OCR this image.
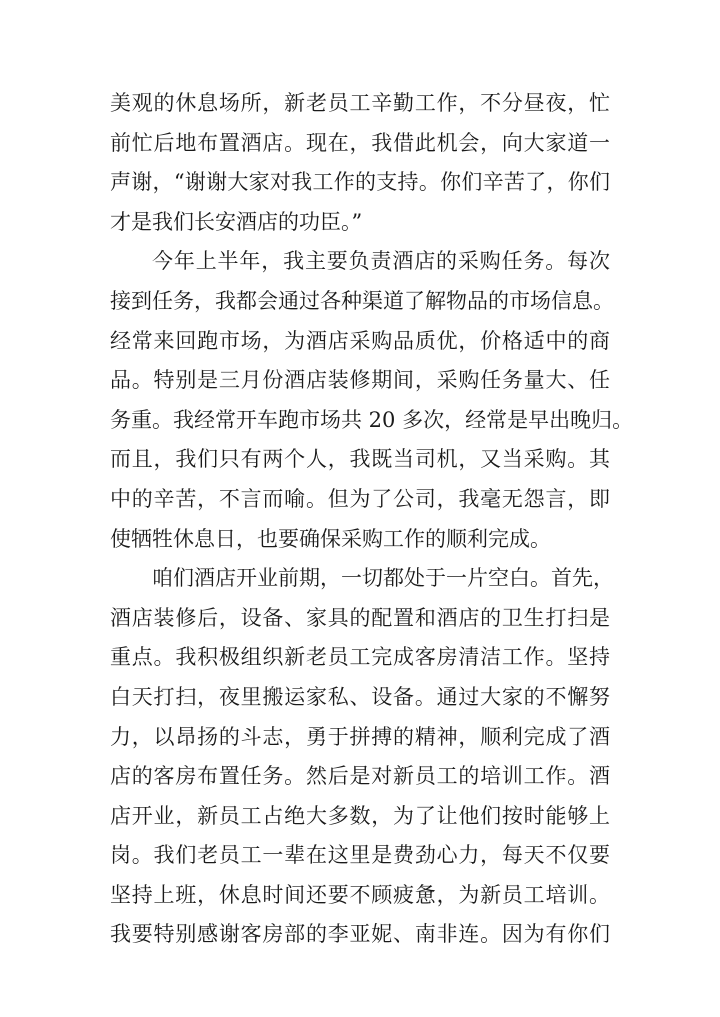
美观的休息场所，新老员工辛勤工作，不分昼夜，忙
前忙后地布置酒店。现在，我借此机会，向大家道一
声谢，“谢谢大家对我工作的支持。你们辛苦了，你们
才是我们长安酒店的功臣。”
今年上半年，我主要负责酒店的采购任务。每次
接到任务，我都会通过各种渠道了解物品的市场信息。
经常来回跑市场，为酒店采购品质优，价格适中的商
品。特别是三月份酒店装修期间，采购任务量大、任
务重。我经常开车跑市场共 20 多次，经常是早出晚归。
而且，我们只有两个人，我既当司机，又当采购。其
中的辛苦，不言而喻。但为了公司，我毫无怨言，即
使牺牲休息日，也要确保采购工作的顺利完成。
咱们酒店开业前期，一切都处于一片空白。首先，
酒店装修后，设备、家具的配置和酒店的卫生打扫是
重点。我积极组织新老员工完成客房清洁工作。坚持
白天打扫，夜里搬运家私、设备。通过大家的不懈努
力，以昂扬的斗志，勇于拼搏的精神，顺利完成了酒
店的客房布置任务。然后是对新员工的培训工作。酒
店开业，新员工占绝大多数，为了让他们按时能够上
岗。我们老员工一辈在这里是费劲心力，每天不仅要
坚持上班，休息时间还要不顾疲惫，为新员工培训。
我要特别感谢客房部的李亚妮、南非连。因为有你们
